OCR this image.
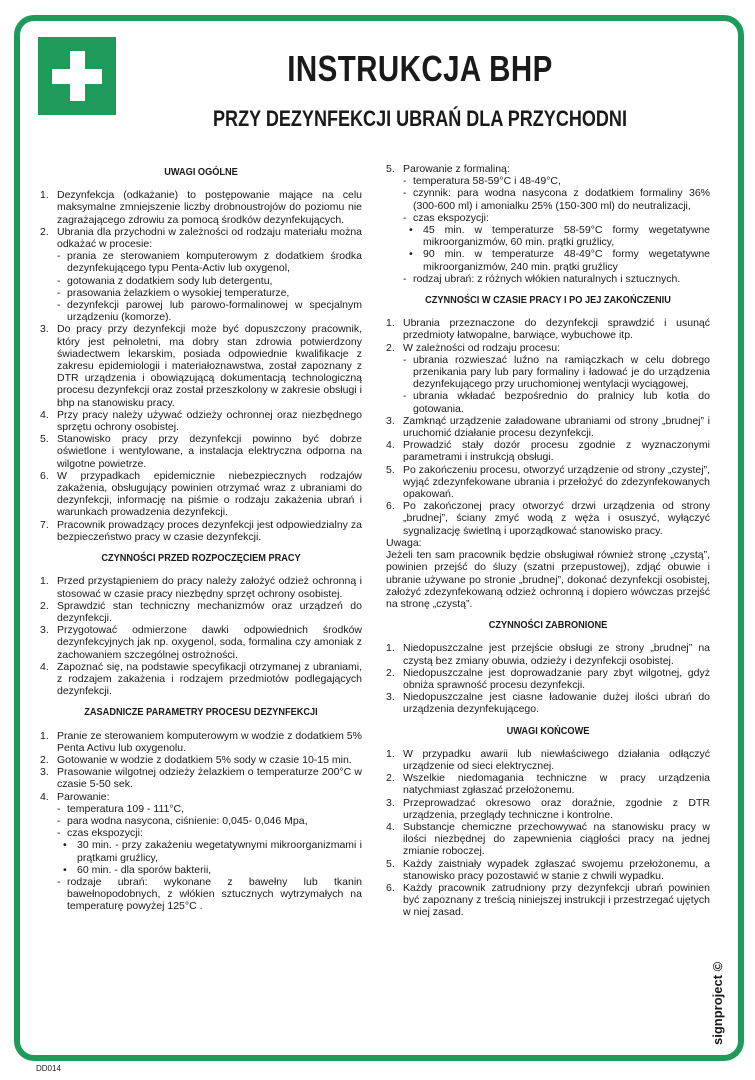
INSTRUKCJA BHP
PRZY DEZYNFEKCJI UBRAŃ DLA PRZYCHODNI
UWAGI OGÓLNE
1. Dezynfekcja (odkażanie) to postępowanie mające na celu maksymalne zmniejszenie liczby drobnoustrojów do poziomu nie zagrażającego zdrowiu za pomocą środków dezynfekujących.
2. Ubrania dla przychodni w zależności od rodzaju materiału można odkażać w procesie:
- prania ze sterowaniem komputerowym z dodatkiem środka dezynfekującego typu Penta-Activ lub oxygenol,
- gotowania z dodatkiem sody lub detergentu,
- prasowania żelazkiem o wysokiej temperaturze,
- dezynfekcji parowej lub parowo-formalinowej w specjalnym urządzeniu (komorze).
3. Do pracy przy dezynfekcji może być dopuszczony pracownik, który jest pełnoletni, ma dobry stan zdrowia potwierdzony świadectwem lekarskim, posiada odpowiednie kwalifikacje z zakresu epidemiologii i materiałoznawstwa, został zapoznany z DTR urządzenia i obowiązującą dokumentacją technologiczną procesu dezynfekcji oraz został przeszkolony w zakresie obsługi i bhp na stanowisku pracy.
4. Przy pracy należy używać odzieży ochronnej oraz niezbędnego sprzętu ochrony osobistej.
5. Stanowisko pracy przy dezynfekcji powinno być dobrze oświetlone i wentylowane, a instalacja elektryczna odporna na wilgotne powietrze.
6. W przypadkach epidemicznie niebezpiecznych rodzajów zakażenia, obsługujący powinien otrzymać wraz z ubraniami do dezynfekcji, informację na piśmie o rodzaju zakażenia ubrań i warunkach prowadzenia dezynfekcji.
7. Pracownik prowadzący proces dezynfekcji jest odpowiedzialny za bezpieczeństwo pracy w czasie dezynfekcji.
CZYNNOŚCI PRZED ROZPOCZĘCIEM PRACY
1. Przed przystąpieniem do pracy należy założyć odzież ochronną i stosować w czasie pracy niezbędny sprzęt ochrony osobistej.
2. Sprawdzić stan techniczny mechanizmów oraz urządzeń do dezynfekcji.
3. Przygotować odmierzone dawki odpowiednich środków dezynfekcyjnych jak np. oxygenol, soda, formalina czy amoniak z zachowaniem szczególnej ostrożności.
4. Zapoznać się, na podstawie specyfikacji otrzymanej z ubraniami, z rodzajem zakażenia i rodzajem przedmiotów podlegających dezynfekcji.
ZASADNICZE PARAMETRY PROCESU DEZYNFEKCJI
1. Pranie ze sterowaniem komputerowym w wodzie z dodatkiem 5% Penta Activu lub oxygenolu.
2. Gotowanie w wodzie z dodatkiem 5% sody w czasie 10-15 min.
3. Prasowanie wilgotnej odzieży żelazkiem o temperaturze 200°C w czasie 5-50 sek.
4. Parowanie:
- temperatura 109 - 111°C,
- para wodna nasycona, ciśnienie: 0,045- 0,046 Mpa,
- czas ekspozycji:
• 30 min. - przy zakażeniu wegetatywnymi mikroorganizmami i prątkami gruźlicy,
• 60 min. - dla sporów bakterii,
- rodzaje ubrań: wykonane z bawełny lub tkanin bawełnopodobnych, z włókien sztucznych wytrzymałych na temperaturę powyżej 125°C .
5. Parowanie z formaliną:
- temperatura 58-59°C i 48-49°C,
- czynnik: para wodna nasycona z dodatkiem formaliny 36% (300-600 ml) i amonialku 25% (150-300 ml) do neutralizacji,
- czas ekspozycji:
• 45 min. w temperaturze 58-59°C formy wegetatywne mikroorganizmów, 60 min. prątki gruźlicy,
• 90 min. w temperaturze 48-49°C formy wegetatywne mikroorganizmów, 240 min. prątki gruźlicy
- rodzaj ubrań: z różnych włókien naturalnych i sztucznych.
CZYNNOŚCI W CZASIE PRACY I PO JEJ ZAKOŃCZENIU
1. Ubrania przeznaczone do dezynfekcji sprawdzić i usunąć przedmioty łatwopalne, barwiące, wybuchowe itp.
2. W zależności od rodzaju procesu:
- ubrania rozwieszać luźno na ramiączkach w celu dobrego przenikania pary lub pary formaliny i ładować je do urządzenia dezynfekującego przy uruchomionej wentylacji wyciągowej,
- ubrania wkładać bezpośrednio do pralnicy lub kotła do gotowania.
3. Zamknąć urządzenie załadowane ubraniami od strony „brudnej” i uruchomić działanie procesu dezynfekcji.
4. Prowadzić stały dozór procesu zgodnie z wyznaczonymi parametrami i instrukcją obsługi.
5. Po zakończeniu procesu, otworzyć urządzenie od strony „czystej”, wyjąć zdezynfekowane ubrania i przełożyć do zdezynfekowanych opakowań.
6. Po zakończonej pracy otworzyć drzwi urządzenia od strony „brudnej”, ściany zmyć wodą z węża i osuszyć, wyłączyć sygnalizację świetlną i uporządkować stanowisko pracy.
Uwaga:
Jeżeli ten sam pracownik będzie obsługiwał również stronę „czystą”, powinien przejść do śluzy (szatni przepustowej), zdjąć obuwie i ubranie używane po stronie „brudnej”, dokonać dezynfekcji osobistej, założyć zdezynfekowaną odzież ochronną i dopiero wówczas przejść na stronę „czystą”.
CZYNNOŚCI ZABRONIONE
1. Niedopuszczalne jest przejście obsługi ze strony „brudnej” na czystą bez zmiany obuwia, odzieży i dezynfekcji osobistej.
2. Niedopuszczalne jest doprowadzanie pary zbyt wilgotnej, gdyż obniża sprawność procesu dezynfekcji.
3. Niedopuszczalne jest ciasne ładowanie dużej ilości ubrań do urządzenia dezynfekującego.
UWAGI KOŃCOWE
1. W przypadku awarii lub niewłaściwego działania odłączyć urządzenie od sieci elektrycznej.
2. Wszelkie niedomagania techniczne w pracy urządzenia natychmiast zgłaszać przełożonemu.
3. Przeprowadzać okresowo oraz doraźnie, zgodnie z DTR urządzenia, przeglądy techniczne i kontrolne.
4. Substancje chemiczne przechowywać na stanowisku pracy w ilości niezbędnej do zapewnienia ciągłości pracy na jednej zmianie roboczej.
5. Każdy zaistniały wypadek zgłaszać swojemu przełożonemu, a stanowisko pracy pozostawić w stanie z chwili wypadku.
6. Każdy pracownik zatrudniony przy dezynfekcji ubrań powinien być zapoznany z treścią niniejszej instrukcji i przestrzegać ujętych w niej zasad.
DD014
signproject ©
